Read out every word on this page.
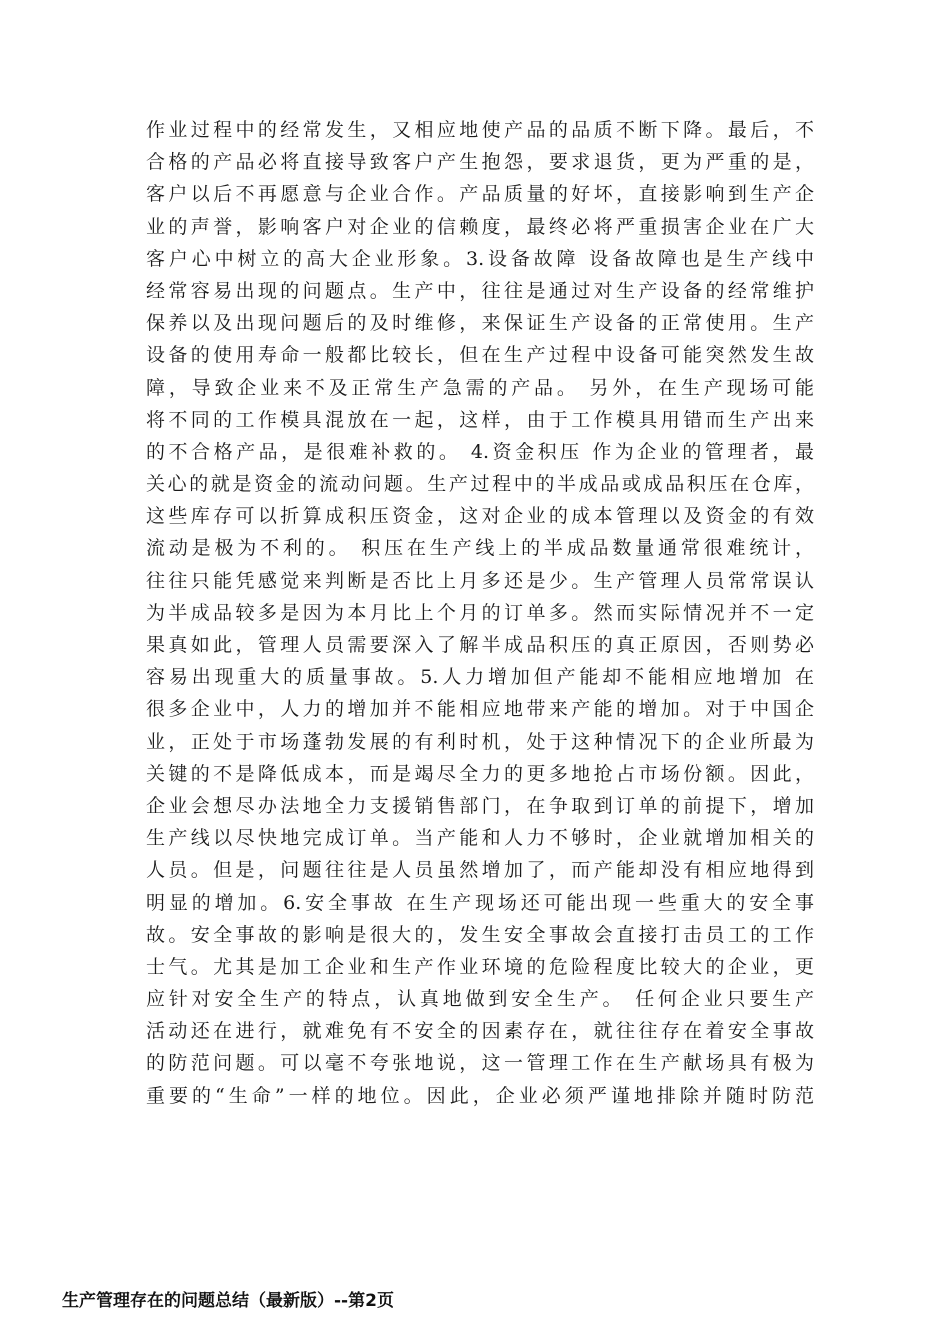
作业过程中的经常发生，又相应地使产品的品质不断下降。最后，不
合格的产品必将直接导致客户产生抱怨，要求退货，更为严重的是，
客户以后不再愿意与企业合作。产品质量的好坏，直接影响到生产企
业的声誉，影响客户对企业的信赖度，最终必将严重损害企业在广大
客户心中树立的高大企业形象。3.设备故障 设备故障也是生产线中
经常容易出现的问题点。生产中，往往是通过对生产设备的经常维护
保养以及出现问题后的及时维修，来保证生产设备的正常使用。生产
设备的使用寿命一般都比较长，但在生产过程中设备可能突然发生故
障，导致企业来不及正常生产急需的产品。 另外，在生产现场可能
将不同的工作模具混放在一起，这样，由于工作模具用错而生产出来
的不合格产品，是很难补救的。 4.资金积压 作为企业的管理者，最
关心的就是资金的流动问题。生产过程中的半成品或成品积压在仓库，
这些库存可以折算成积压资金，这对企业的成本管理以及资金的有效
流动是极为不利的。 积压在生产线上的半成品数量通常很难统计，
往往只能凭感觉来判断是否比上月多还是少。生产管理人员常常误认
为半成品较多是因为本月比上个月的订单多。然而实际情况并不一定
果真如此，管理人员需要深入了解半成品积压的真正原因，否则势必
容易出现重大的质量事故。5.人力增加但产能却不能相应地增加 在
很多企业中，人力的增加并不能相应地带来产能的增加。对于中国企
业，正处于市场蓬勃发展的有利时机，处于这种情况下的企业所最为
关键的不是降低成本，而是竭尽全力的更多地抢占市场份额。因此，
企业会想尽办法地全力支援销售部门，在争取到订单的前提下，增加
生产线以尽快地完成订单。当产能和人力不够时，企业就增加相关的
人员。但是，问题往往是人员虽然增加了，而产能却没有相应地得到
明显的增加。6.安全事故 在生产现场还可能出现一些重大的安全事
故。安全事故的影响是很大的，发生安全事故会直接打击员工的工作
士气。尤其是加工企业和生产作业环境的危险程度比较大的企业，更
应针对安全生产的特点，认真地做到安全生产。 任何企业只要生产
活动还在进行，就难免有不安全的因素存在，就往往存在着安全事故
的防范问题。可以毫不夸张地说，这一管理工作在生产献场具有极为
重要的“生命”一样的地位。因此，企业必须严谨地排除并随时防范
生产管理存在的问题总结（最新版）--第2页
